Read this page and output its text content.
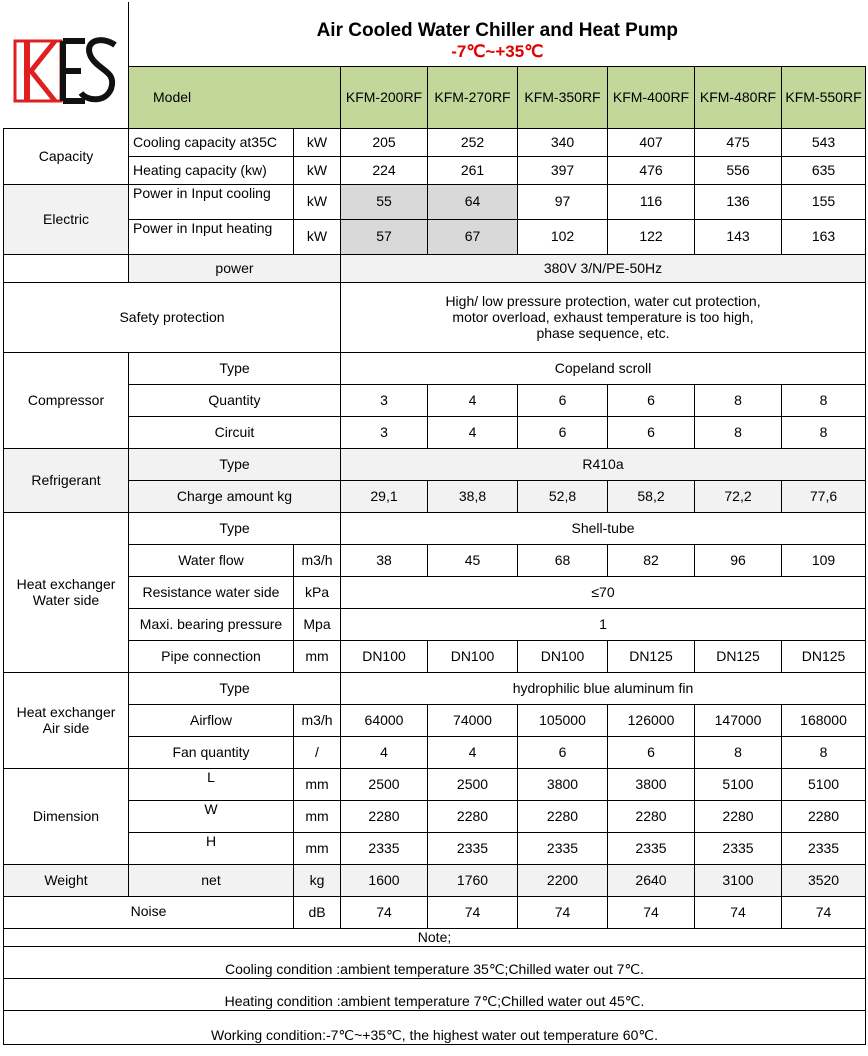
	Air Cooled Water Chiller and Heat Pump							
	-7℃~+35℃							
	Model		KFM-200RF	KFM-270RF	KFM-350RF	KFM-400RF	KFM-480RF	KFM-550RF
Capacity	Cooling capacity at35C	kW	205	252	340	407	475	543
	Heating capacity (kw)	kW	224	261	397	476	556	635
Electric	Power in Input cooling	kW	55	64	97	116	136	155
	Power in Input heating	kW	57	67	102	122	143	163
	power		380V 3/N/PE-50Hz					
Safety protection			High/ low pressure protection, water cut protection,
motor overload, exhaust temperature is too high,
phase sequence, etc.					

Compressor	Type		Copeland scroll					
	Quantity		3	4	6	6	8	8
	Circuit		3	4	6	6	8	8
Refrigerant	Type		R410a					
	Charge amount kg		29,1	38,8	52,8	58,2	72,2	77,6

Heat exchanger
Water side	Type		Shell-tube					
	Water flow	m3/h	38	45	68	82	96	109
	Resistance water side	kPa	≤70					
	Maxi. bearing pressure	Mpa	1					
	Pipe connection	mm	DN100	DN100	DN100	DN125	DN125	DN125

Heat exchanger
Air side	Type		hydrophilic blue aluminum fin					
	Airflow	m3/h	64000	74000	105000	126000	147000	168000
	Fan quantity	/	4	4	6	6	8	8
Dimension	L	mm	2500	2500	3800	3800	5100	5100
	W	mm	2280	2280	2280	2280	2280	2280
	H	mm	2335	2335	2335	2335	2335	2335
Weight	net	kg	1600	1760	2200	2640	3100	3520
Noise		dB	74	74	74	74	74	74
Note;								
Cooling condition :ambient temperature 35℃;Chilled water out 7℃.								
Heating condition :ambient temperature 7℃;Chilled water out 45℃.								
Working condition:-7℃~+35℃, the highest water out temperature 60℃.								
